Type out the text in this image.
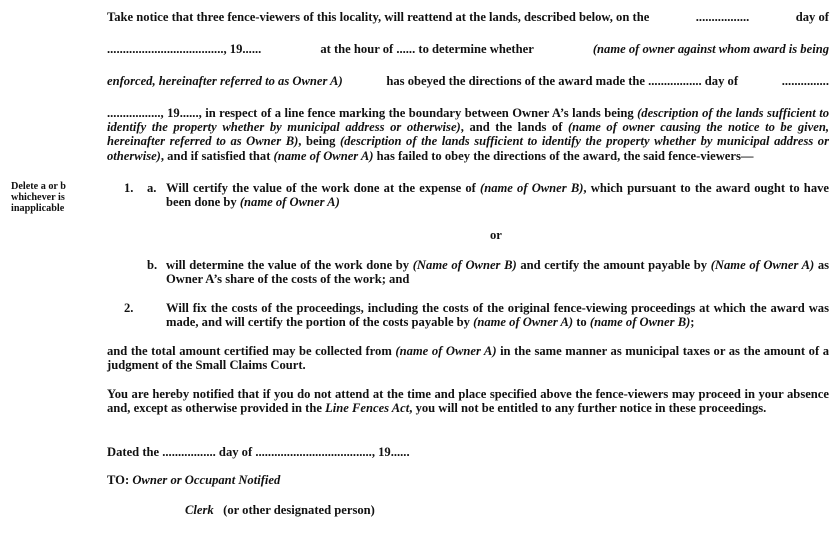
Take notice that three fence-viewers of this locality, will reattend at the lands, described below, on the	.................	day of
....................................., 19......	at the hour of ...... to determine whether	(name of owner against whom award is being
enforced, hereinafter referred to as Owner A)	has obeyed the directions of the award made the ................. day of	...............
................., 19......, in respect of a line fence marking the boundary between Owner A’s lands being (description of the lands sufficient to identify the property whether by municipal address or otherwise), and the lands of (name of owner causing the notice to be given, hereinafter referred to as Owner B), being (description of the lands sufficient to identify the property whether by municipal address or otherwise), and if satisfied that (name of Owner A) has failed to obey the directions of the award, the said fence-viewers—
Delete a or b whichever is inapplicable
1. a. Will certify the value of the work done at the expense of (name of Owner B), which pursuant to the award ought to have been done by (name of Owner A)
or
b. will determine the value of the work done by (Name of Owner B) and certify the amount payable by (Name of Owner A) as Owner A’s share of the costs of the work; and
2.	Will fix the costs of the proceedings, including the costs of the original fence-viewing proceedings at which the award was made, and will certify the portion of the costs payable by (name of Owner A) to (name of Owner B);
and the total amount certified may be collected from (name of Owner A) in the same manner as municipal taxes or as the amount of a judgment of the Small Claims Court.
You are hereby notified that if you do not attend at the time and place specified above the fence-viewers may proceed in your absence and, except as otherwise provided in the Line Fences Act, you will not be entitled to any further notice in these proceedings.
Dated the ................. day of ....................................., 19......
TO: Owner or Occupant Notified
Clerk (or other designated person)
